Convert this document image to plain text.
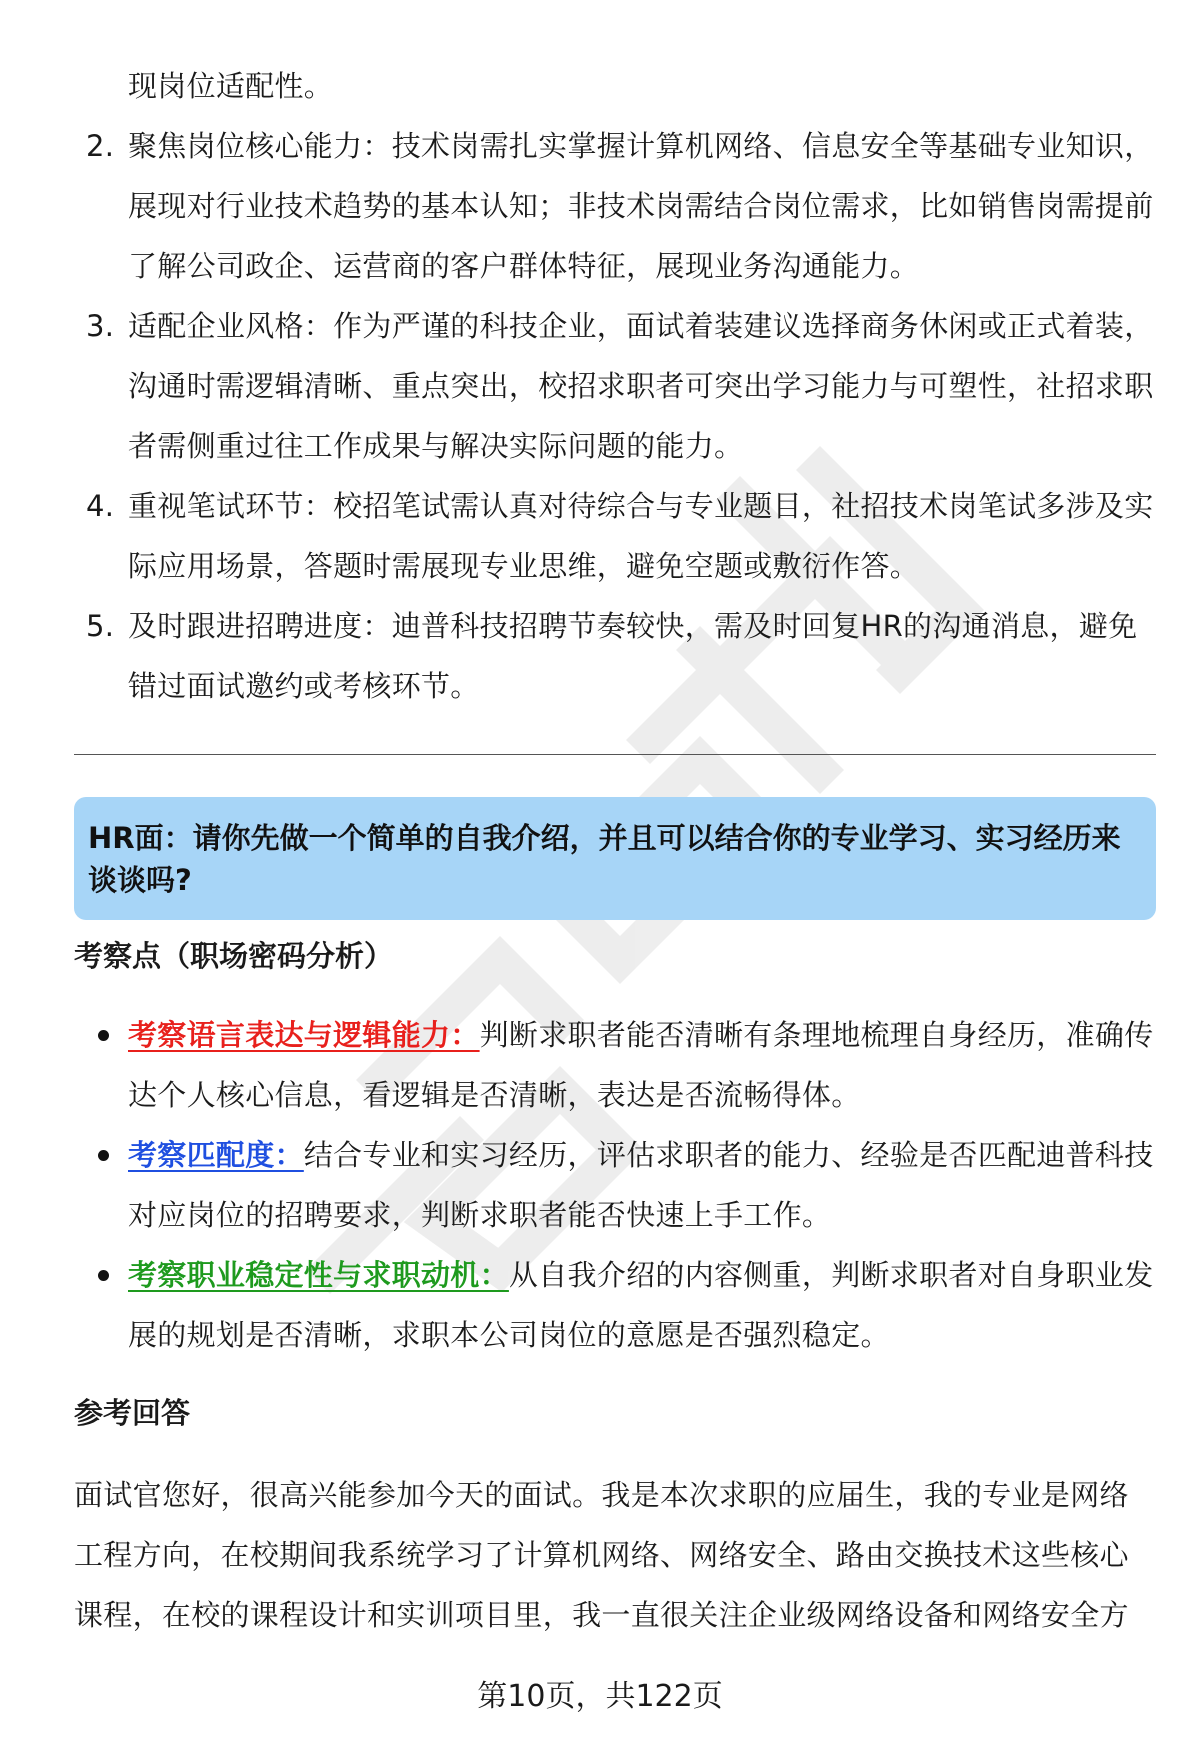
现岗位适配性。
2. 聚焦岗位核心能力：技术岗需扎实掌握计算机网络、信息安全等基础专业知识，展现对行业技术趋势的基本认知；非技术岗需结合岗位需求，比如销售岗需提前了解公司政企、运营商的客户群体特征，展现业务沟通能力。
3. 适配企业风格：作为严谨的科技企业，面试着装建议选择商务休闲或正式着装，沟通时需逻辑清晰、重点突出，校招求职者可突出学习能力与可塑性，社招求职者需侧重过往工作成果与解决实际问题的能力。
4. 重视笔试环节：校招笔试需认真对待综合与专业题目，社招技术岗笔试多涉及实际应用场景，答题时需展现专业思维，避免空题或敷衍作答。
5. 及时跟进招聘进度：迪普科技招聘节奏较快，需及时回复HR的沟通消息，避免错过面试邀约或考核环节。
HR面：请你先做一个简单的自我介绍，并且可以结合你的专业学习、实习经历来谈谈吗?
考察点（职场密码分析）
考察语言表达与逻辑能力：判断求职者能否清晰有条理地梳理自身经历，准确传达个人核心信息，看逻辑是否清晰，表达是否流畅得体。
考察匹配度：结合专业和实习经历，评估求职者的能力、经验是否匹配迪普科技对应岗位的招聘要求，判断求职者能否快速上手工作。
考察职业稳定性与求职动机：从自我介绍的内容侧重，判断求职者对自身职业发展的规划是否清晰，求职本公司岗位的意愿是否强烈稳定。
参考回答
面试官您好，很高兴能参加今天的面试。我是本次求职的应届生，我的专业是网络工程方向，在校期间我系统学习了计算机网络、网络安全、路由交换技术这些核心课程，在校的课程设计和实训项目里，我一直很关注企业级网络设备和网络安全方
第10页，共122页
